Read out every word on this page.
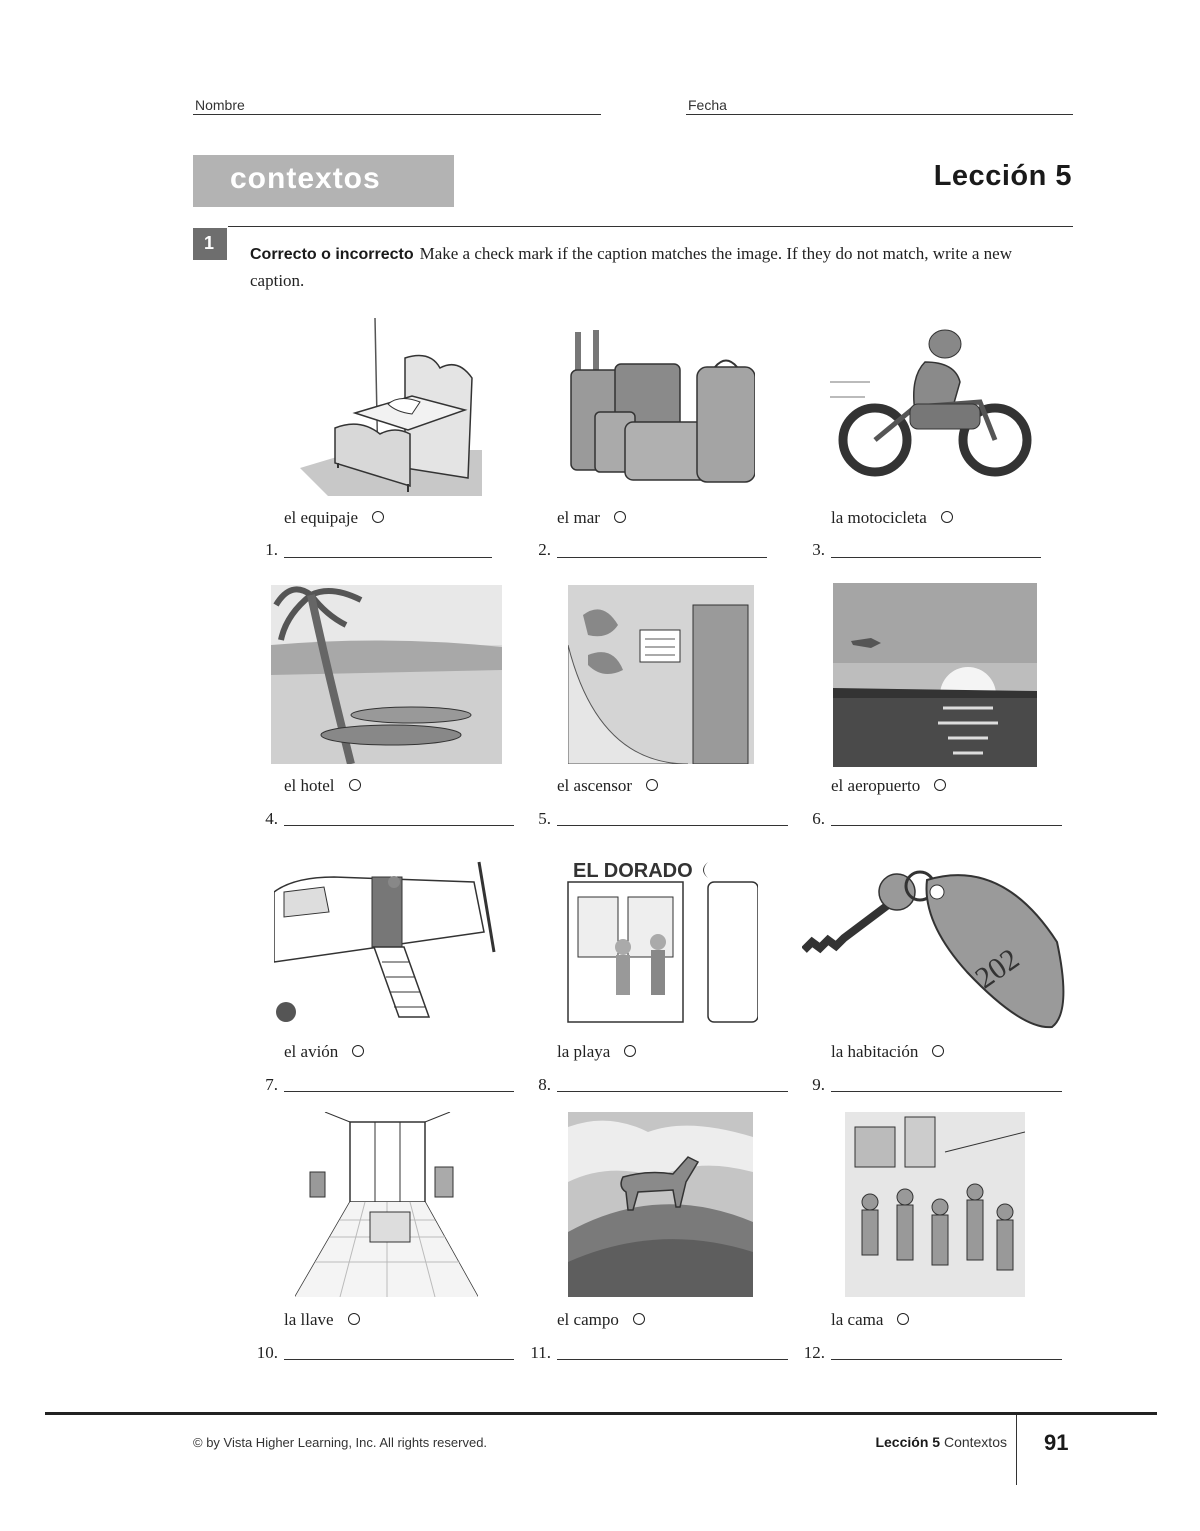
Nombre	Fecha
contextos	Lección 5
1
Correcto o incorrecto Make a check mark if the caption matches the image. If they do not match, write a new caption.
el equipaje	el mar	la motocicleta
1.	2.	3.
el hotel	el ascensor	el aeropuerto
4.	5.	6.
EL DORADO
202
el avión	la playa	la habitación
7.	8.	9.
la llave	el campo	la cama
10.	11.	12.
© by Vista Higher Learning, Inc. All rights reserved.	Lección 5 Contextos 91
